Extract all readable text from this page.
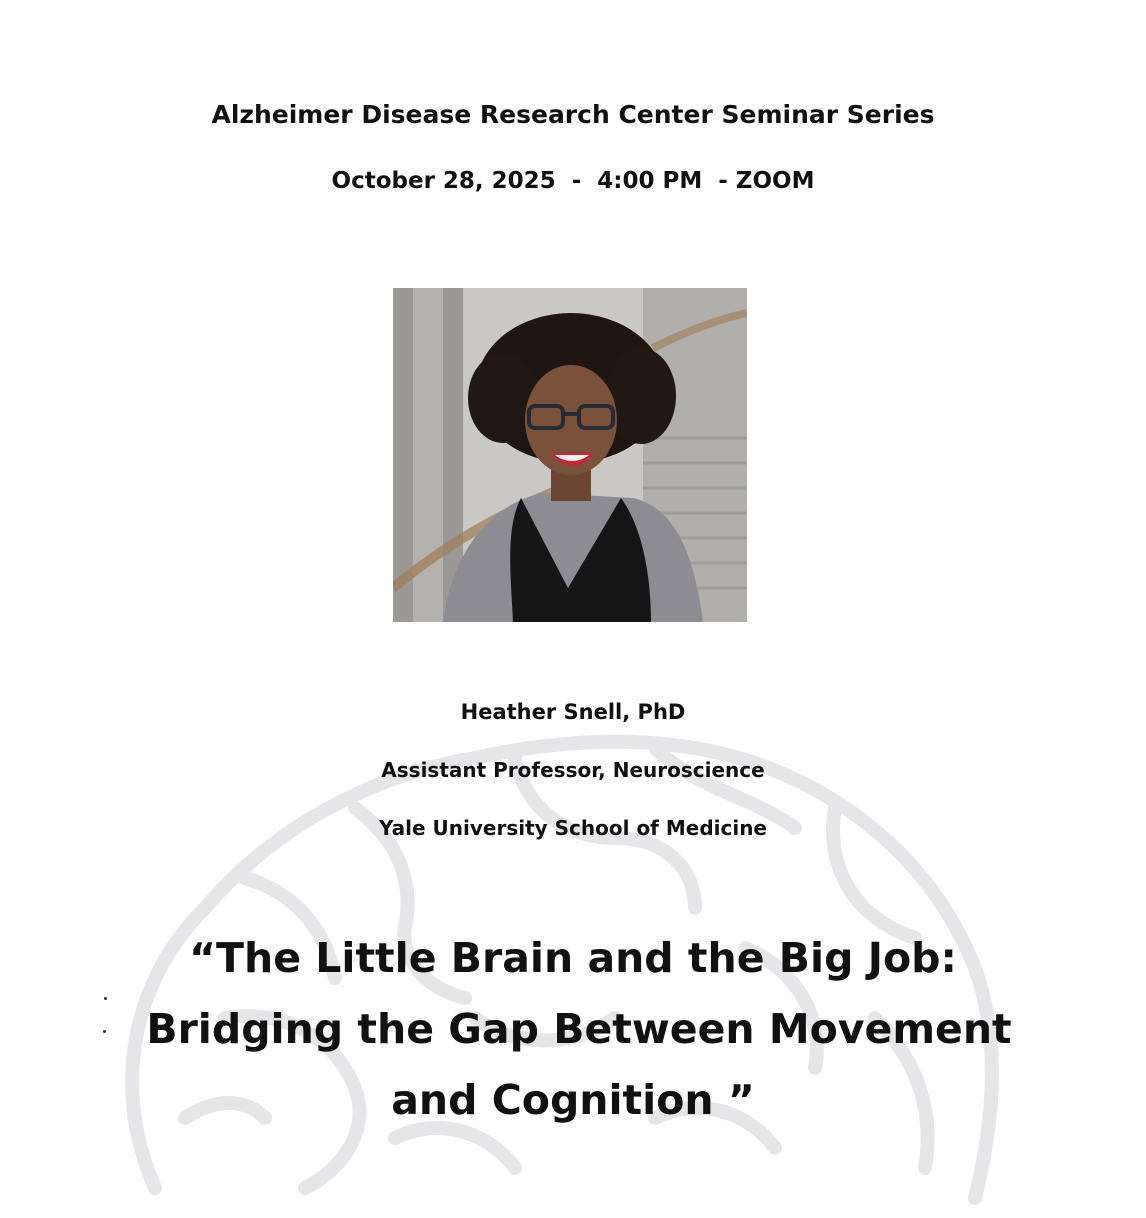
Alzheimer Disease Research Center Seminar Series
October 28, 2025  -  4:00 PM  - ZOOM
Heather Snell, PhD
Assistant Professor, Neuroscience
Yale University School of Medicine
“The Little Brain and the Big Job:
Bridging the Gap Between Movement
and Cognition ”
